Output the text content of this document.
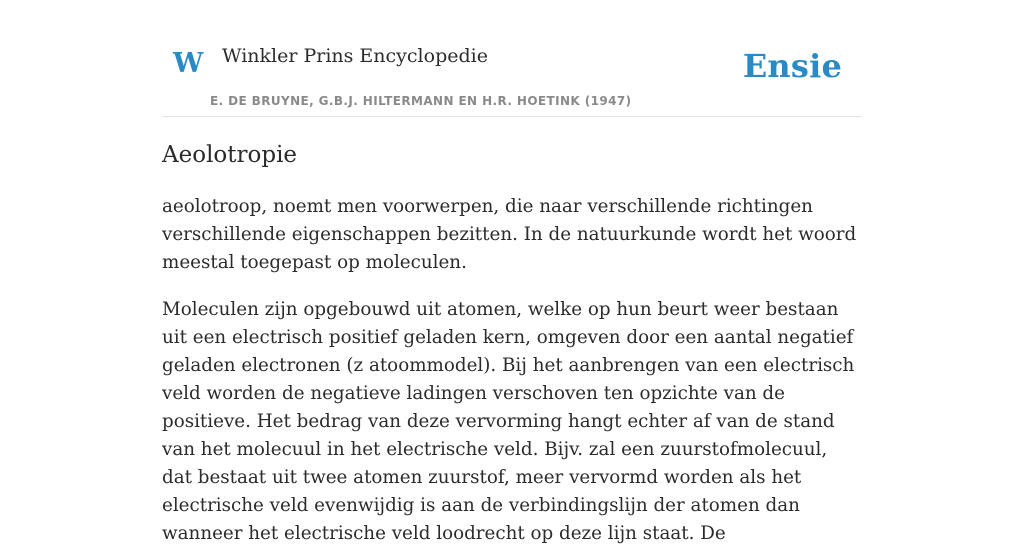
W Winkler Prins Encyclopedie	Ensie
E. DE BRUYNE, G.B.J. HILTERMANN EN H.R. HOETINK (1947)
Aeolotropie

aeolotroop, noemt men voorwerpen, die naar verschillende richtingen verschillende eigenschappen bezitten. In de natuurkunde wordt het woord meestal toegepast op moleculen.

Moleculen zijn opgebouwd uit atomen, welke op hun beurt weer bestaan uit een electrisch positief geladen kern, omgeven door een aantal negatief geladen electronen (z atoommodel). Bij het aanbrengen van een electrisch veld worden de negatieve ladingen verschoven ten opzichte van de positieve. Het bedrag van deze vervorming hangt echter af van de stand van het molecuul in het electrische veld. Bijv. zal een zuurstofmolecuul, dat bestaat uit twee atomen zuurstof, meer vervormd worden als het electrische veld evenwijdig is aan de verbindingslijn der atomen dan wanneer het electrische veld loodrecht op deze lijn staat. De
